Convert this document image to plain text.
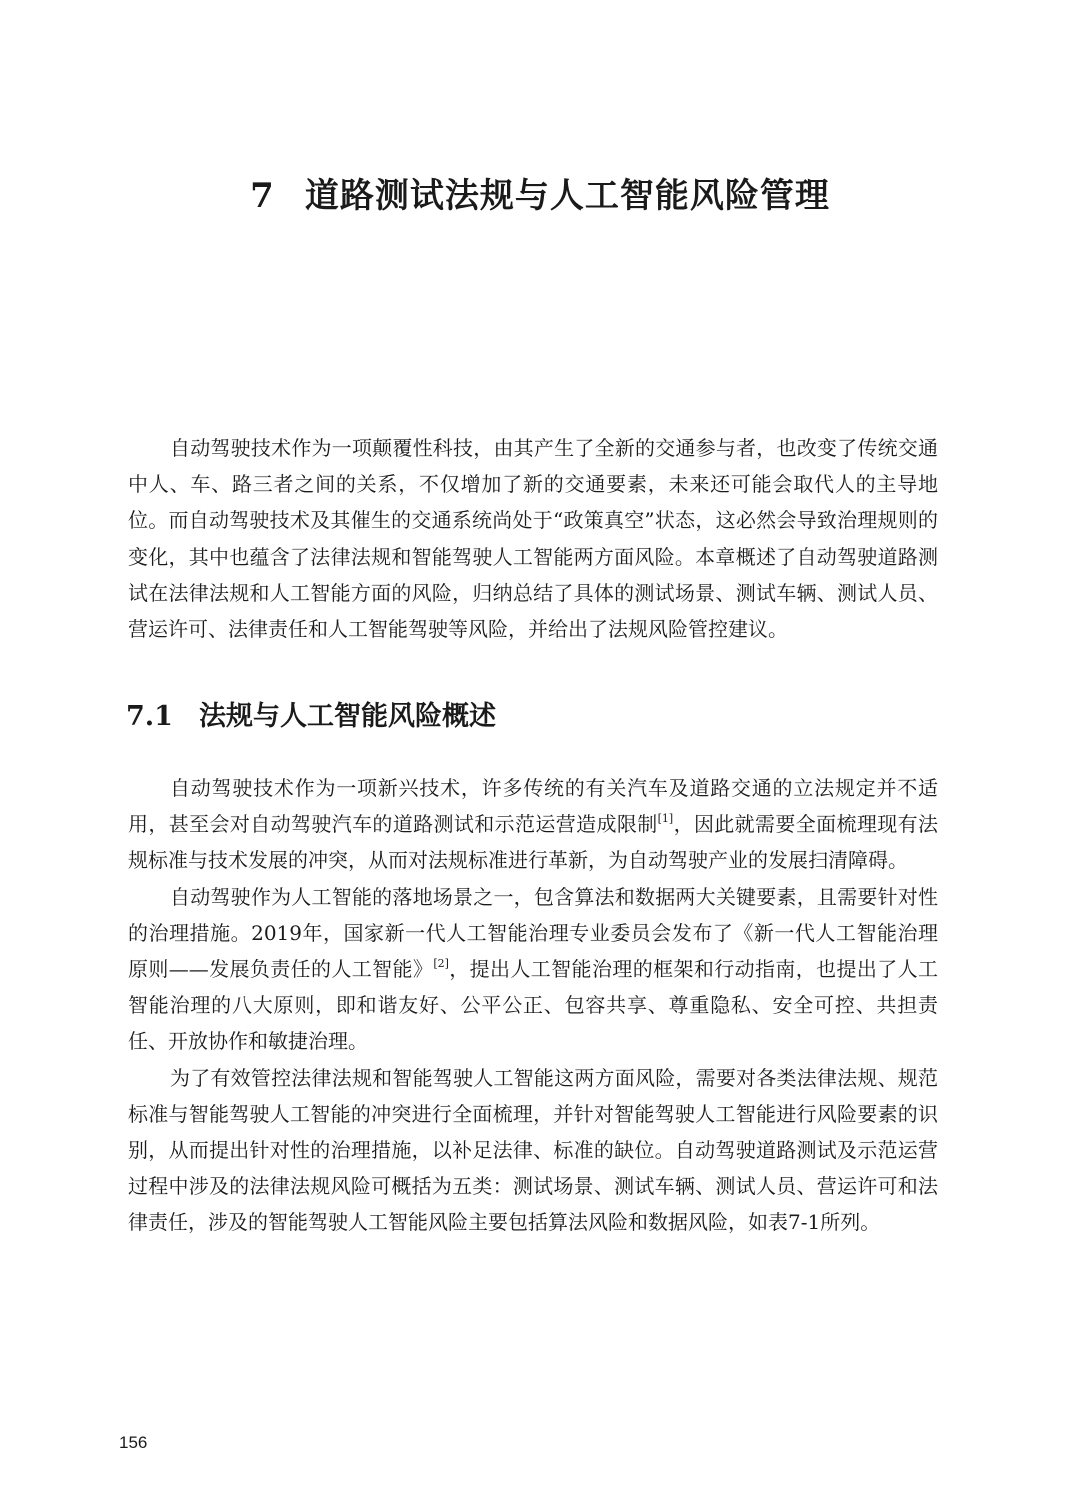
7 道路测试法规与人工智能风险管理

自动驾驶技术作为一项颠覆性科技，由其产生了全新的交通参与者，也改变了传统交通中人、车、路三者之间的关系，不仅增加了新的交通要素，未来还可能会取代人的主导地位。而自动驾驶技术及其催生的交通系统尚处于“政策真空”状态，这必然会导致治理规则的变化，其中也蕴含了法律法规和智能驾驶人工智能两方面风险。本章概述了自动驾驶道路测试在法律法规和人工智能方面的风险，归纳总结了具体的测试场景、测试车辆、测试人员、营运许可、法律责任和人工智能驾驶等风险，并给出了法规风险管控建议。

7.1 法规与人工智能风险概述

自动驾驶技术作为一项新兴技术，许多传统的有关汽车及道路交通的立法规定并不适用，甚至会对自动驾驶汽车的道路测试和示范运营造成限制[1]，因此就需要全面梳理现有法规标准与技术发展的冲突，从而对法规标准进行革新，为自动驾驶产业的发展扫清障碍。

自动驾驶作为人工智能的落地场景之一，包含算法和数据两大关键要素，且需要针对性的治理措施。2019年，国家新一代人工智能治理专业委员会发布了《新一代人工智能治理原则——发展负责任的人工智能》[2]，提出人工智能治理的框架和行动指南，也提出了人工智能治理的八大原则，即和谐友好、公平公正、包容共享、尊重隐私、安全可控、共担责任、开放协作和敏捷治理。

为了有效管控法律法规和智能驾驶人工智能这两方面风险，需要对各类法律法规、规范标准与智能驾驶人工智能的冲突进行全面梳理，并针对智能驾驶人工智能进行风险要素的识别，从而提出针对性的治理措施，以补足法律、标准的缺位。自动驾驶道路测试及示范运营过程中涉及的法律法规风险可概括为五类：测试场景、测试车辆、测试人员、营运许可和法律责任，涉及的智能驾驶人工智能风险主要包括算法风险和数据风险，如表7-1所列。

156
